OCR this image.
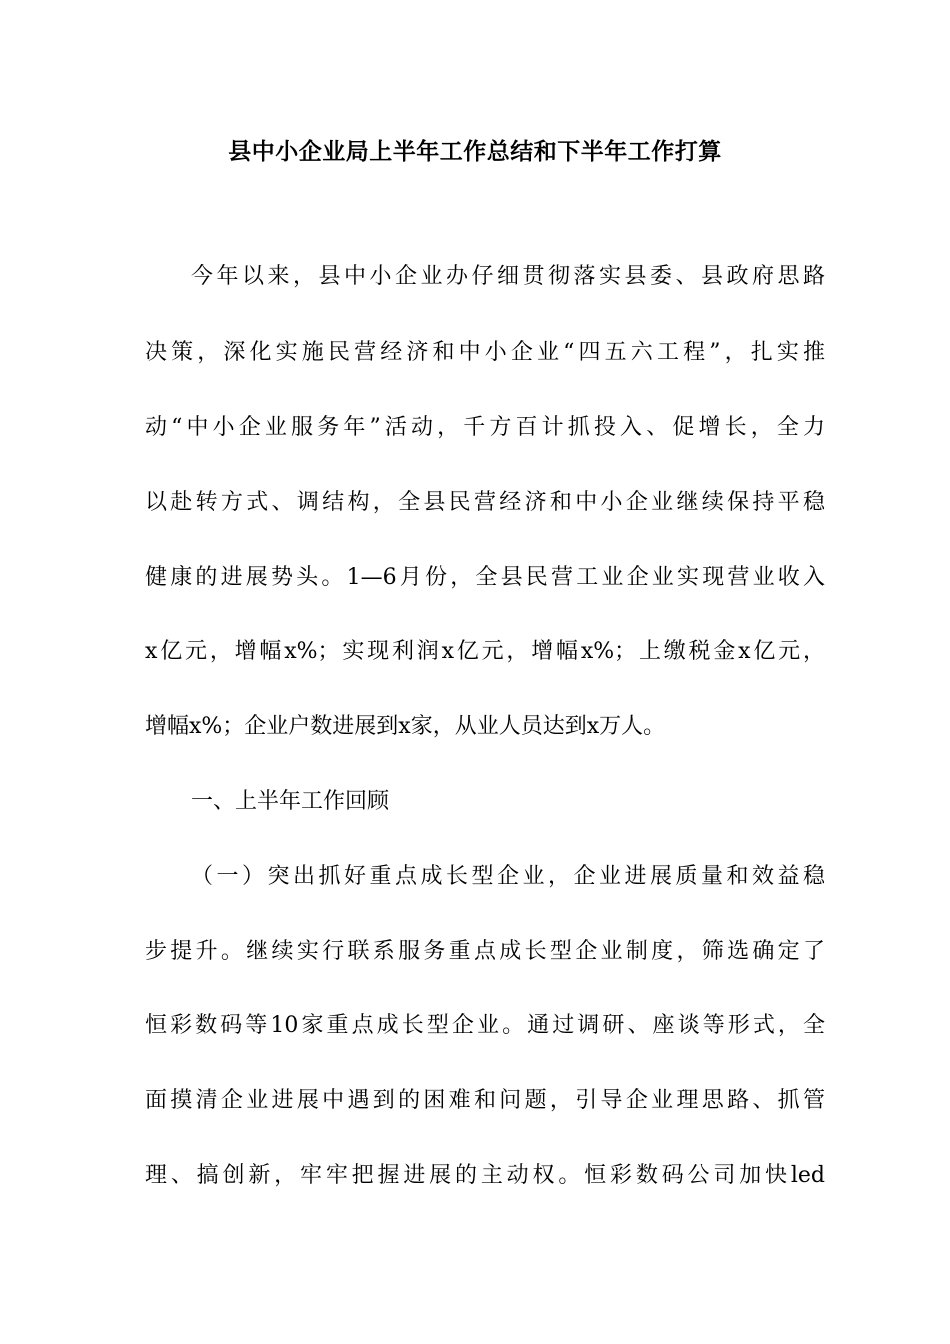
县中小企业局上半年工作总结和下半年工作打算

今年以来，县中小企业办仔细贯彻落实县委、县政府思路

决策，深化实施民营经济和中小企业“四五六工程”，扎实推

动“中小企业服务年”活动，千方百计抓投入、促增长，全力

以赴转方式、调结构，全县民营经济和中小企业继续保持平稳

健康的进展势头。1—6月份，全县民营工业企业实现营业收入

x亿元，增幅x%；实现利润x亿元，增幅x%；上缴税金x亿元，

增幅x%；企业户数进展到x家，从业人员达到x万人。

一、上半年工作回顾

（一）突出抓好重点成长型企业，企业进展质量和效益稳

步提升。继续实行联系服务重点成长型企业制度，筛选确定了

恒彩数码等10家重点成长型企业。通过调研、座谈等形式，全

面摸清企业进展中遇到的困难和问题，引导企业理思路、抓管

理、搞创新，牢牢把握进展的主动权。恒彩数码公司加快led
